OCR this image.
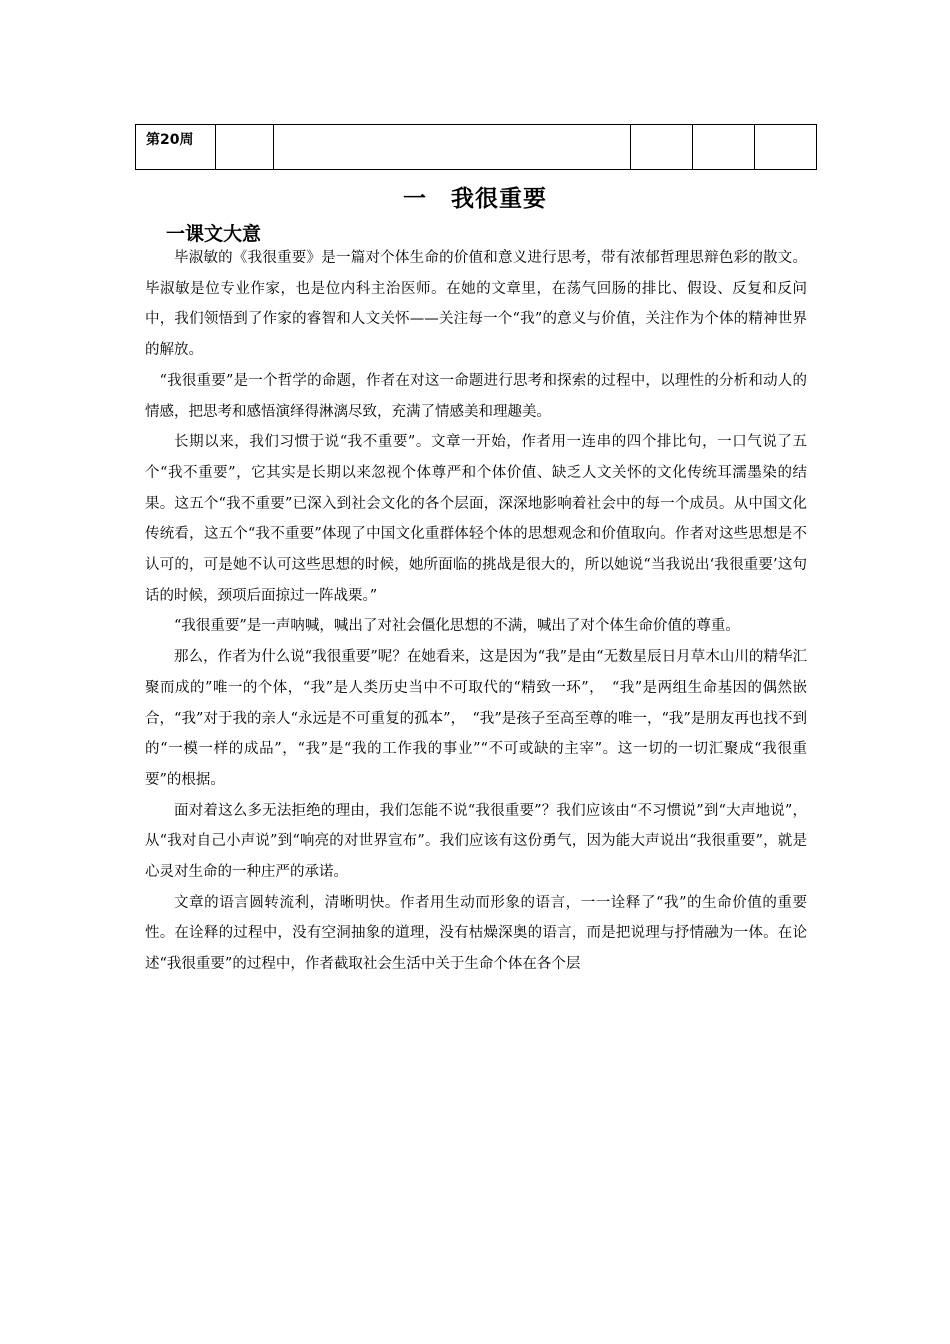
第20周					
一　我很重要
一课文大意

毕淑敏的《我很重要》是一篇对个体生命的价值和意义进行思考，带有浓郁哲理思辩色彩的散文。毕淑敏是位专业作家，也是位内科主治医师。在她的文章里，在荡气回肠的排比、假设、反复和反问中，我们领悟到了作家的睿智和人文关怀——关注每一个“我”的意义与价值，关注作为个体的精神世界的解放。

“我很重要”是一个哲学的命题，作者在对这一命题进行思考和探索的过程中，以理性的分析和动人的情感，把思考和感悟演绎得淋漓尽致，充满了情感美和理趣美。

长期以来，我们习惯于说“我不重要”。文章一开始，作者用一连串的四个排比句，一口气说了五个“我不重要”，它其实是长期以来忽视个体尊严和个体价值、缺乏人文关怀的文化传统耳濡墨染的结果。这五个“我不重要”已深入到社会文化的各个层面，深深地影响着社会中的每一个成员。从中国文化传统看，这五个“我不重要”体现了中国文化重群体轻个体的思想观念和价值取向。作者对这些思想是不认可的，可是她不认可这些思想的时候，她所面临的挑战是很大的，所以她说“当我说出‘我很重要’这句话的时候，颈项后面掠过一阵战栗。”

“我很重要”是一声呐喊，喊出了对社会僵化思想的不满，喊出了对个体生命价值的尊重。

那么，作者为什么说“我很重要”呢？在她看来，这是因为“我”是由“无数星辰日月草木山川的精华汇聚而成的”唯一的个体，“我”是人类历史当中不可取代的“精致一环”，　“我”是两组生命基因的偶然嵌合，“我”对于我的亲人“永远是不可重复的孤本”，　“我”是孩子至高至尊的唯一，“我”是朋友再也找不到的“一模一样的成品”，“我”是“我的工作我的事业”“不可或缺的主宰”。这一切的一切汇聚成“我很重要”的根据。

面对着这么多无法拒绝的理由，我们怎能不说“我很重要”？我们应该由“不习惯说”到“大声地说”，从“我对自己小声说”到“响亮的对世界宣布”。我们应该有这份勇气，因为能大声说出“我很重要”，就是心灵对生命的一种庄严的承诺。

文章的语言圆转流利，清晰明快。作者用生动而形象的语言，一一诠释了“我”的生命价值的重要性。在诠释的过程中，没有空洞抽象的道理，没有枯燥深奥的语言，而是把说理与抒情融为一体。在论述“我很重要”的过程中，作者截取社会生活中关于生命个体在各个层
